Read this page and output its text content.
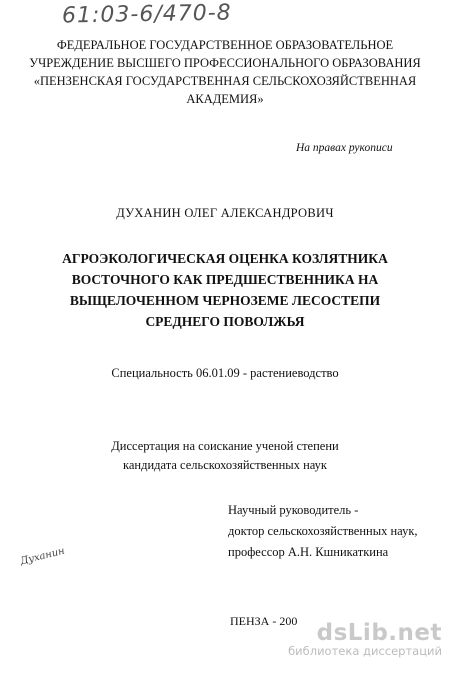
61:03-6/470-8
ФЕДЕРАЛЬНОЕ ГОСУДАРСТВЕННОЕ ОБРАЗОВАТЕЛЬНОЕ
УЧРЕЖДЕНИЕ ВЫСШЕГО ПРОФЕССИОНАЛЬНОГО ОБРАЗОВАНИЯ
«ПЕНЗЕНСКАЯ ГОСУДАРСТВЕННАЯ СЕЛЬСКОХОЗЯЙСТВЕННАЯ
АКАДЕМИЯ»
На правах рукописи
ДУХАНИН ОЛЕГ АЛЕКСАНДРОВИЧ
АГРОЭКОЛОГИЧЕСКАЯ ОЦЕНКА КОЗЛЯТНИКА
ВОСТОЧНОГО КАК ПРЕДШЕСТВЕННИКА НА
ВЫЩЕЛОЧЕННОМ ЧЕРНОЗЕМЕ ЛЕСОСТЕПИ
СРЕДНЕГО ПОВОЛЖЬЯ
Специальность 06.01.09 - растениеводство
Диссертация на соискание ученой степени
кандидата сельскохозяйственных наук
Научный руководитель -
доктор сельскохозяйственных наук,
профессор А.Н. Кшникаткина
Духанин
ПЕНЗА - 200 dsLib.net
библиотека диссертаций
